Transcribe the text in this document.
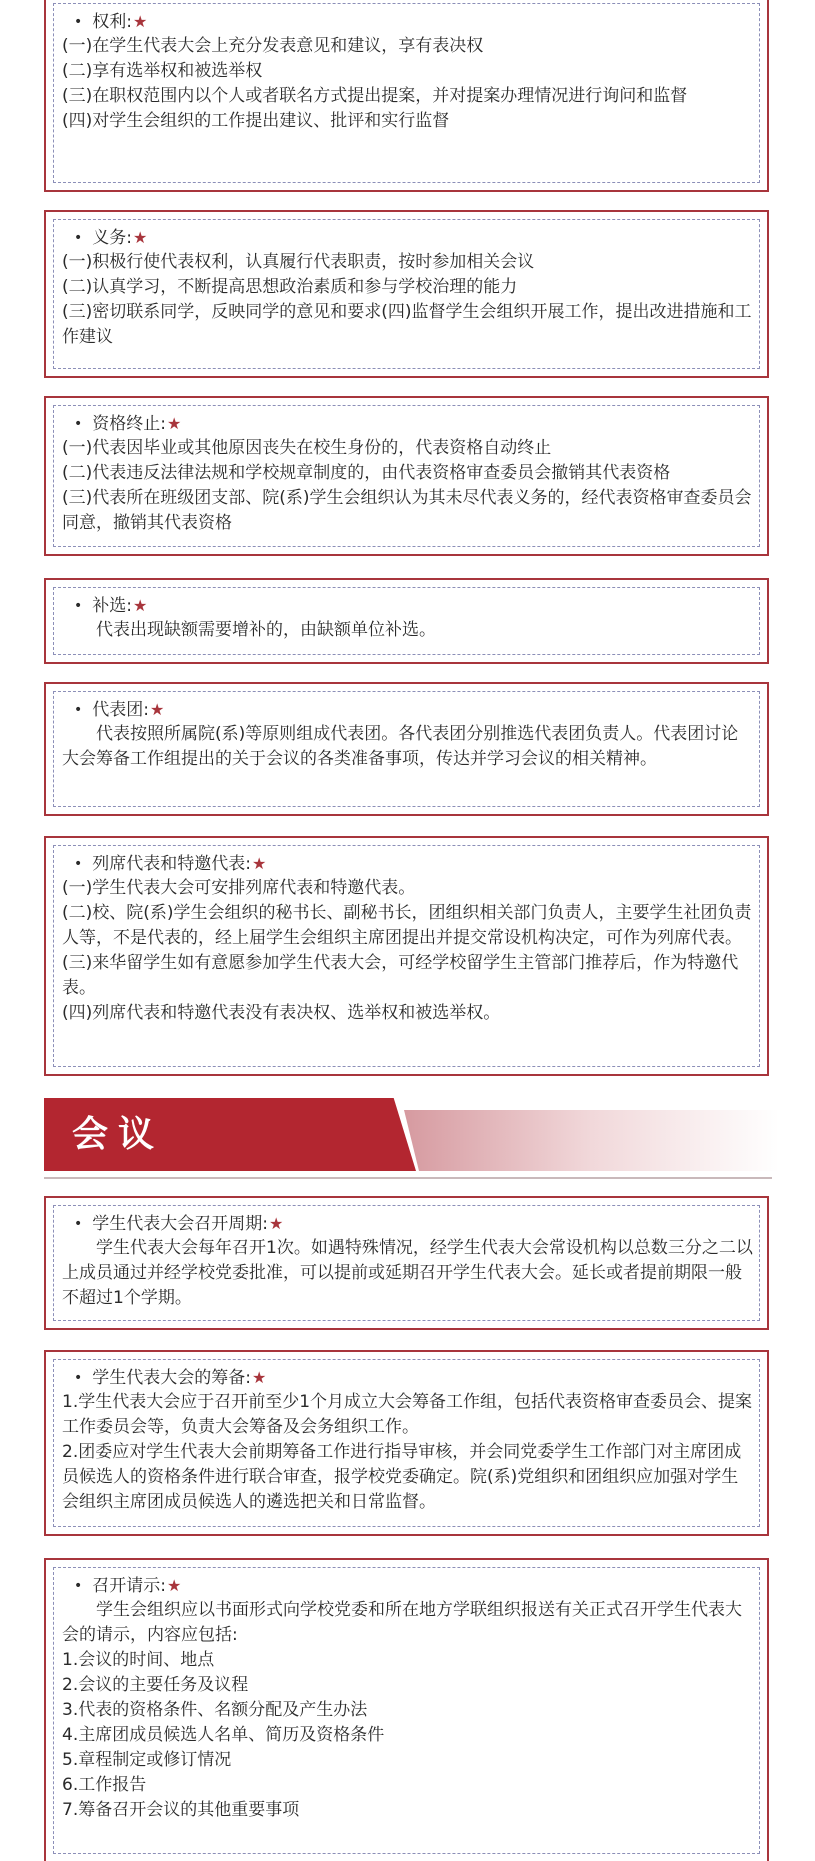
• 权利: ★
(一)在学生代表大会上充分发表意见和建议，享有表决权
(二)享有选举权和被选举权
(三)在职权范围内以个人或者联名方式提出提案，并对提案办理情况进行询问和监督
(四)对学生会组织的工作提出建议、批评和实行监督
• 义务: ★
(一)积极行使代表权利，认真履行代表职责，按时参加相关会议
(二)认真学习，不断提高思想政治素质和参与学校治理的能力
(三)密切联系同学，反映同学的意见和要求(四)监督学生会组织开展工作，提出改进措施和工作建议
• 资格终止: ★
(一)代表因毕业或其他原因丧失在校生身份的，代表资格自动终止
(二)代表违反法律法规和学校规章制度的，由代表资格审查委员会撤销其代表资格
(三)代表所在班级团支部、院(系)学生会组织认为其未尽代表义务的，经代表资格审查委员会同意，撤销其代表资格
• 补选: ★
代表出现缺额需要增补的，由缺额单位补选。
• 代表团: ★
代表按照所属院(系)等原则组成代表团。各代表团分别推选代表团负责人。代表团讨论大会筹备工作组提出的关于会议的各类准备事项，传达并学习会议的相关精神。
• 列席代表和特邀代表: ★
(一)学生代表大会可安排列席代表和特邀代表。
(二)校、院(系)学生会组织的秘书长、副秘书长，团组织相关部门负责人，主要学生社团负责人等，不是代表的，经上届学生会组织主席团提出并提交常设机构决定，可作为列席代表。
(三)来华留学生如有意愿参加学生代表大会，可经学校留学生主管部门推荐后，作为特邀代表。
(四)列席代表和特邀代表没有表决权、选举权和被选举权。
会议
• 学生代表大会召开周期: ★
学生代表大会每年召开1次。如遇特殊情况，经学生代表大会常设机构以总数三分之二以上成员通过并经学校党委批准，可以提前或延期召开学生代表大会。延长或者提前期限一般不超过1个学期。
• 学生代表大会的筹备: ★
1.学生代表大会应于召开前至少1个月成立大会筹备工作组，包括代表资格审查委员会、提案工作委员会等，负责大会筹备及会务组织工作。
2.团委应对学生代表大会前期筹备工作进行指导审核，并会同党委学生工作部门对主席团成员候选人的资格条件进行联合审查，报学校党委确定。院(系)党组织和团组织应加强对学生会组织主席团成员候选人的遴选把关和日常监督。
• 召开请示: ★
学生会组织应以书面形式向学校党委和所在地方学联组织报送有关正式召开学生代表大会的请示，内容应包括:
1.会议的时间、地点
2.会议的主要任务及议程
3.代表的资格条件、名额分配及产生办法
4.主席团成员候选人名单、简历及资格条件
5.章程制定或修订情况
6.工作报告
7.筹备召开会议的其他重要事项
